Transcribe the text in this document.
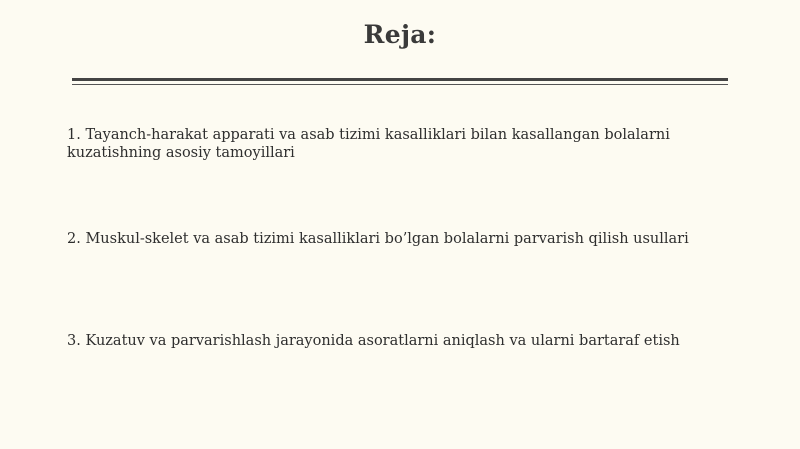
Reja:
1. Tayanch-harakat apparati va asab tizimi kasalliklari bilan kasallangan bolalarni kuzatishning asosiy tamoyillari
2. Muskul-skelet va asab tizimi kasalliklari bo’lgan bolalarni parvarish qilish usullari
3. Kuzatuv va parvarishlash jarayonida asoratlarni aniqlash va ularni bartaraf etish
